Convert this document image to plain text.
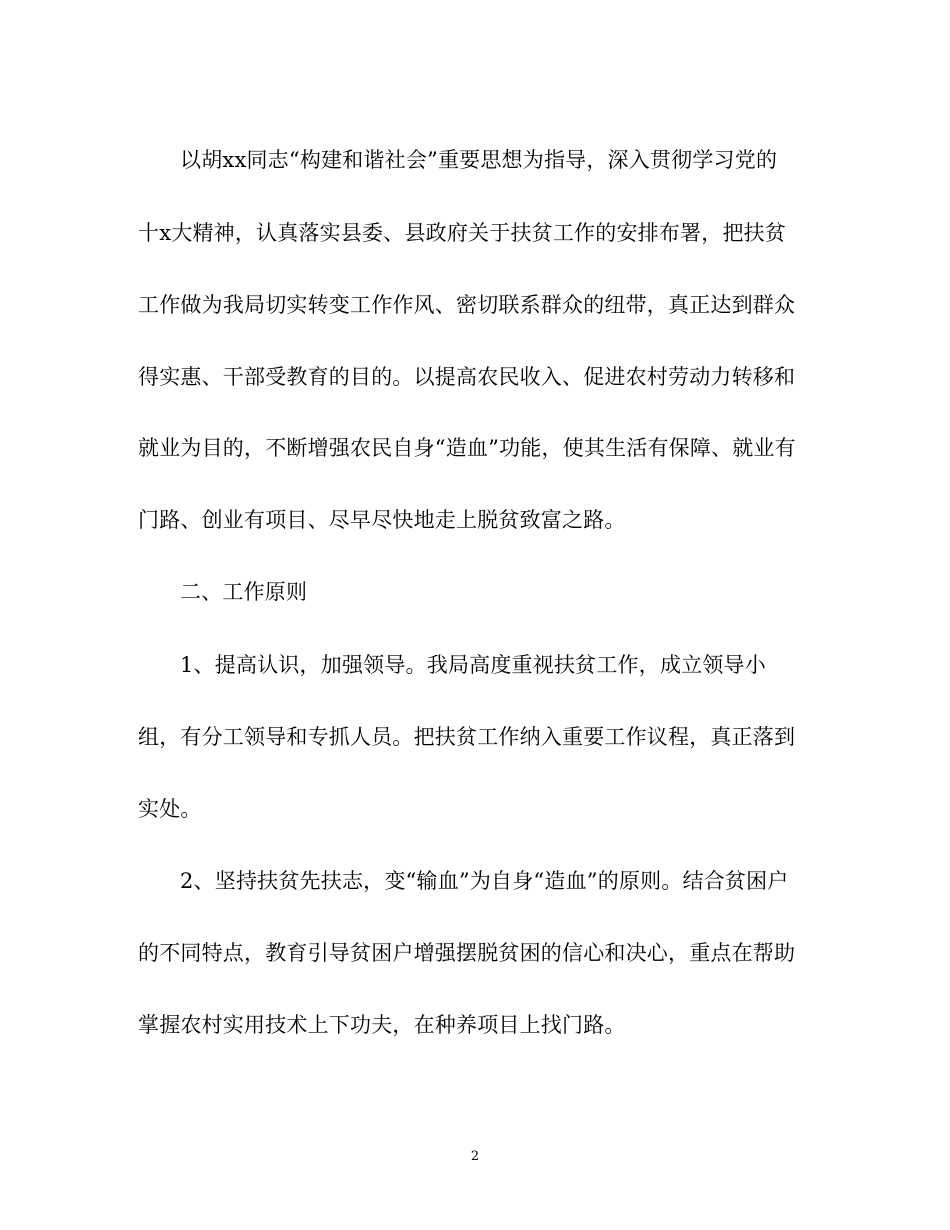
以胡xx同志“构建和谐社会”重要思想为指导，深入贯彻学习党的
十x大精神，认真落实县委、县政府关于扶贫工作的安排布署，把扶贫
工作做为我局切实转变工作作风、密切联系群众的纽带，真正达到群众
得实惠、干部受教育的目的。以提高农民收入、促进农村劳动力转移和
就业为目的，不断增强农民自身“造血”功能，使其生活有保障、就业有
门路、创业有项目、尽早尽快地走上脱贫致富之路。
二、工作原则
1、提高认识，加强领导。我局高度重视扶贫工作，成立领导小
组，有分工领导和专抓人员。把扶贫工作纳入重要工作议程，真正落到
实处。
2、坚持扶贫先扶志，变“输血”为自身“造血”的原则。结合贫困户
的不同特点，教育引导贫困户增强摆脱贫困的信心和决心，重点在帮助
掌握农村实用技术上下功夫，在种养项目上找门路。
2
